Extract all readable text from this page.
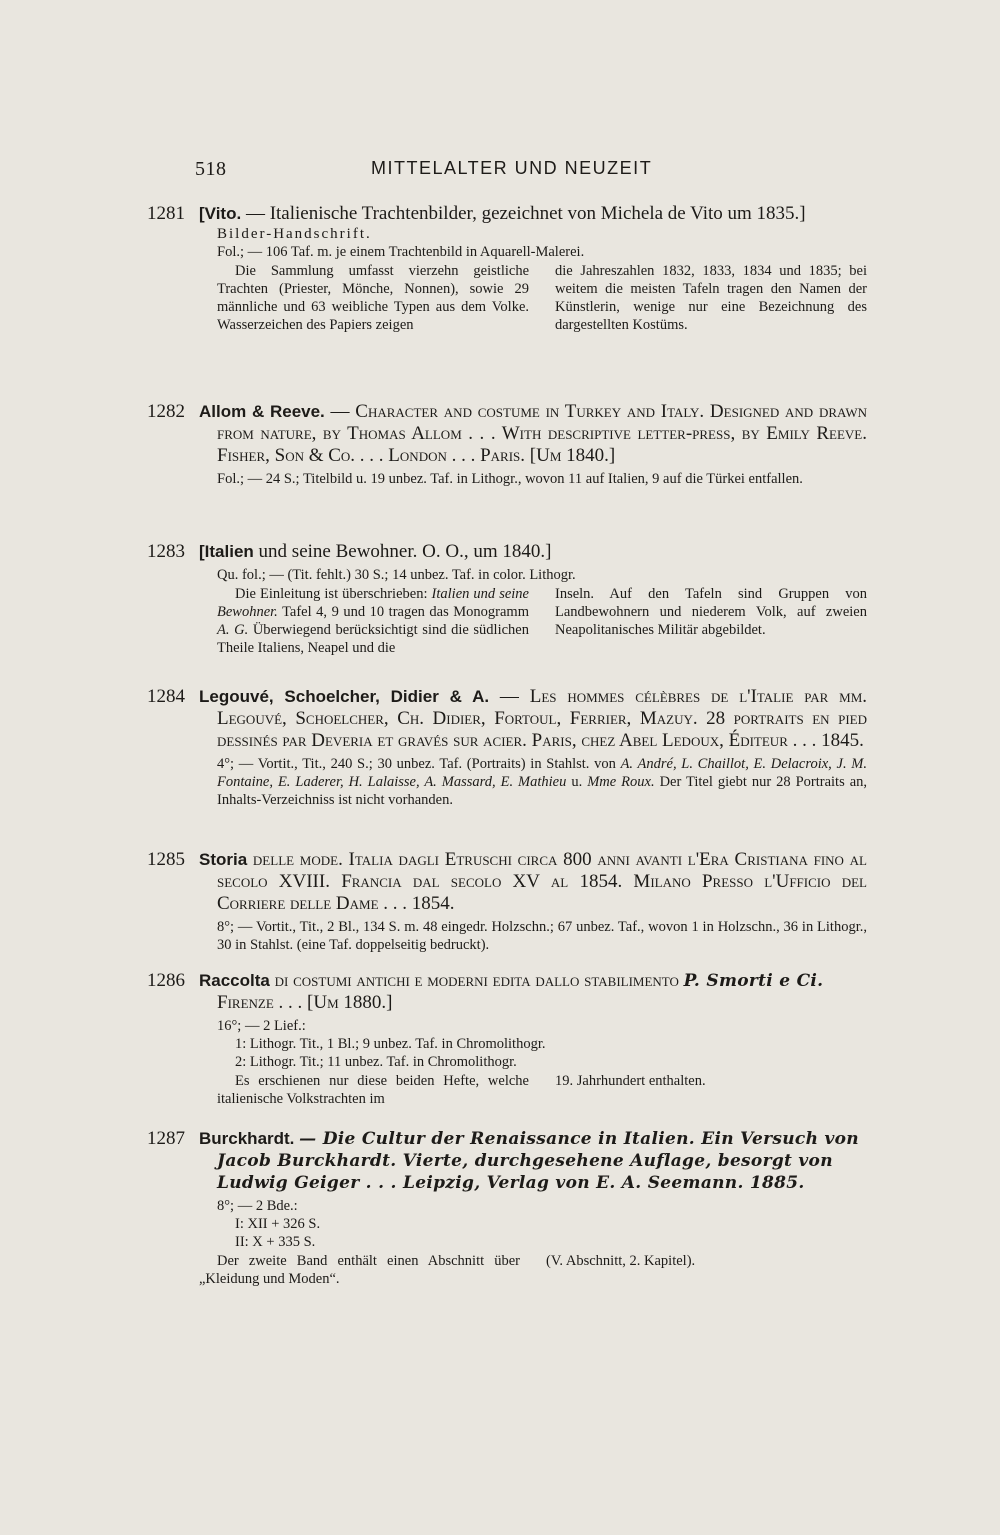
518	MITTELALTER UND NEUZEIT
1281 [Vito. — Italienische Trachtenbilder, gezeichnet von Michela de Vito um 1835.]

Bilder-Handschrift.

Fol.; — 106 Taf. m. je einem Trachtenbild in Aquarell-Malerei.

Die Sammlung umfasst vierzehn geistliche Trachten (Priester, Mönche, Nonnen), sowie 29 männliche und 63 weibliche Typen aus dem Volke. Wasserzeichen des Papiers zeigen
die Jahreszahlen 1832, 1833, 1834 und 1835; bei weitem die meisten Tafeln tragen den Namen der Künstlerin, wenige nur eine Bezeichnung des dargestellten Kostüms.
1282 Allom & Reeve. — Character and costume in Turkey and Italy. Designed and drawn from nature, by Thomas Allom . . . With descriptive letter-press, by Emily Reeve. Fisher, Son & Co. . . . London . . . Paris. [Um 1840.]

Fol.; — 24 S.; Titelbild u. 19 unbez. Taf. in Lithogr., wovon 11 auf Italien, 9 auf die Türkei entfallen.

1283 [Italien und seine Bewohner. O. O., um 1840.]

Qu. fol.; — (Tit. fehlt.) 30 S.; 14 unbez. Taf. in color. Lithogr.

Die Einleitung ist überschrieben: Italien und seine Bewohner. Tafel 4, 9 und 10 tragen das Monogramm A. G. Überwiegend berücksichtigt sind die südlichen Theile Italiens, Neapel und die
Inseln. Auf den Tafeln sind Gruppen von Landbewohnern und niederem Volk, auf zweien Neapolitanisches Militär abgebildet.
1284 Legouvé, Schoelcher, Didier & A. — Les hommes célèbres de l'Italie par mm. Legouvé, Schoelcher, Ch. Didier, Fortoul, Ferrier, Mazuy. 28 portraits en pied dessinés par Deveria et gravés sur acier. Paris, chez Abel Ledoux, Éditeur . . . 1845.

4°; — Vortit., Tit., 240 S.; 30 unbez. Taf. (Portraits) in Stahlst. von A. André, L. Chaillot, E. Delacroix, J. M. Fontaine, E. Laderer, H. Lalaisse, A. Massard, E. Mathieu u. Mme Roux. Der Titel giebt nur 28 Portraits an, Inhalts-Verzeichniss ist nicht vorhanden.

1285 Storia delle mode. Italia dagli Etruschi circa 800 anni avanti l'Era Cristiana fino al secolo XVIII. Francia dal secolo XV al 1854. Milano Presso l'Ufficio del Corriere delle Dame . . . 1854.

8°; — Vortit., Tit., 2 Bl., 134 S. m. 48 eingedr. Holzschn.; 67 unbez. Taf., wovon 1 in Holzschn., 36 in Lithogr., 30 in Stahlst. (eine Taf. doppelseitig bedruckt).

1286 Raccolta di costumi antichi e moderni edita dallo stabilimento P. Smorti e Ci. Firenze . . . [Um 1880.]

16°; — 2 Lief.:

1: Lithogr. Tit., 1 Bl.; 9 unbez. Taf. in Chromolithogr.

2: Lithogr. Tit.; 11 unbez. Taf. in Chromolithogr.

Es erschienen nur diese beiden Hefte, welche italienische Volkstrachten im
19. Jahrhundert enthalten.
1287 Burckhardt. — Die Cultur der Renaissance in Italien. Ein Versuch von Jacob Burckhardt. Vierte, durchgesehene Auflage, besorgt von Ludwig Geiger . . . Leipzig, Verlag von E. A. Seemann. 1885.

8°; — 2 Bde.:

I: XII + 326 S.

II: X + 335 S.

Der zweite Band enthält einen Abschnitt über „Kleidung und Moden“.
(V. Abschnitt, 2. Kapitel).
